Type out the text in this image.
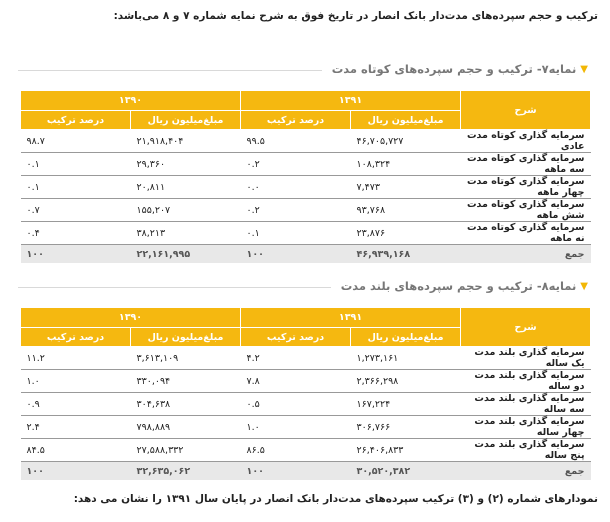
ترکیب و حجم سپرده‌های مدت‌دار بانک انصار در تاریخ فوق به شرح نمایه شماره ۷ و ۸ می‌باشد:
▼
نمایه‌۷- ترکیب و حجم سپرده‌های کوتاه مدت
شرح	۱۳۹۱		۱۳۹۰	
	مبلغ‌میلیون ریال	درصد ترکیب	مبلغ‌میلیون ریال	درصد ترکیب
سرمایه گذاری کوتاه مدت عادی	۴۶,۷۰۵,۷۲۷	۹۹.۵	۲۱,۹۱۸,۴۰۴	۹۸.۷
سرمایه گذاری کوتاه مدت سه ماهه	۱۰۸,۳۲۴	۰.۲	۲۹,۳۶۰	۰.۱
سرمایه گذاری کوتاه مدت چهار ماهه	۷,۴۷۳	۰.۰	۲۰,۸۱۱	۰.۱
سرمایه گذاری کوتاه مدت شش ماهه	۹۳,۷۶۸	۰.۲	۱۵۵,۲۰۷	۰.۷
سرمایه گذاری کوتاه مدت نه ماهه	۲۳,۸۷۶	۰.۱	۳۸,۲۱۳	۰.۴
جمع	۴۶,۹۳۹,۱۶۸	۱۰۰	۲۲,۱۶۱,۹۹۵	۱۰۰
▼
نمایه‌۸- ترکیب و حجم سپرده‌های بلند مدت
شرح	۱۳۹۱		۱۳۹۰	
	مبلغ‌میلیون ریال	درصد ترکیب	مبلغ‌میلیون ریال	درصد ترکیب
سرمایه گذاری بلند مدت یک ساله	۱,۲۷۳,۱۶۱	۴.۲	۳,۶۱۳,۱۰۹	۱۱.۲
سرمایه گذاری بلند مدت دو ساله	۲,۳۶۶,۲۹۸	۷.۸	۳۳۰,۰۹۴	۱.۰
سرمایه گذاری بلند مدت سه ساله	۱۶۷,۲۲۴	۰.۵	۳۰۴,۶۳۸	۰.۹
سرمایه گذاری بلند مدت چهار ساله	۳۰۶,۷۶۶	۱.۰	۷۹۸,۸۸۹	۲.۴
سرمایه گذاری بلند مدت پنج ساله	۲۶,۴۰۶,۸۳۳	۸۶.۵	۲۷,۵۸۸,۳۳۲	۸۴.۵
جمع	۳۰,۵۲۰,۳۸۲	۱۰۰	۳۲,۶۳۵,۰۶۲	۱۰۰
نمودارهای شماره (۲) و (۳) ترکیب سپرده‌های مدت‌دار بانک انصار در پایان سال ۱۳۹۱ را نشان می دهد:
